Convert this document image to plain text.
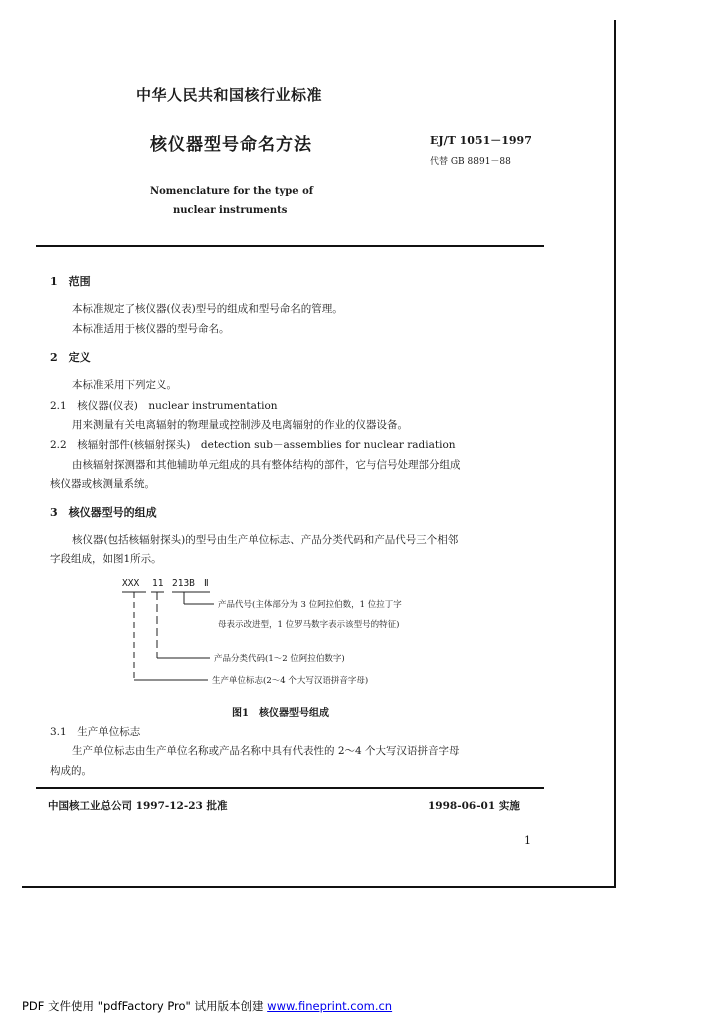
中华人民共和国核行业标准
核仪器型号命名方法	EJ/T 1051－1997
代替 GB 8891－88
Nomenclature for the type of
nuclear instruments
1　范围
本标准规定了核仪器(仪表)型号的组成和型号命名的管理。
本标准适用于核仪器的型号命名。
2　定义
本标准采用下列定义。
2.1　核仪器(仪表)　nuclear instrumentation
用来测量有关电离辐射的物理量或控制涉及电离辐射的作业的仪器设备。
2.2　核辐射部件(核辐射探头)　detection sub－assemblies for nuclear radiation
由核辐射探测器和其他辅助单元组成的具有整体结构的部件，它与信号处理部分组成
核仪器或核测量系统。
3　核仪器型号的组成
核仪器(包括核辐射探头)的型号由生产单位标志、产品分类代码和产品代号三个相邻
字段组成，如图1所示。
XXX 11 213B Ⅱ
产品代号(主体部分为 3 位阿拉伯数，1 位拉丁字
母表示改进型，1 位罗马数字表示该型号的特征)
产品分类代码(1～2 位阿拉伯数字)
生产单位标志(2～4 个大写汉语拼音字母)
图1　核仪器型号组成
3.1　生产单位标志
生产单位标志由生产单位名称或产品名称中具有代表性的 2～4 个大写汉语拼音字母
构成的。
中国核工业总公司 1997-12-23 批准	1998-06-01 实施
1
PDF 文件使用 "pdfFactory Pro" 试用版本创建 www.fineprint.com.cn
